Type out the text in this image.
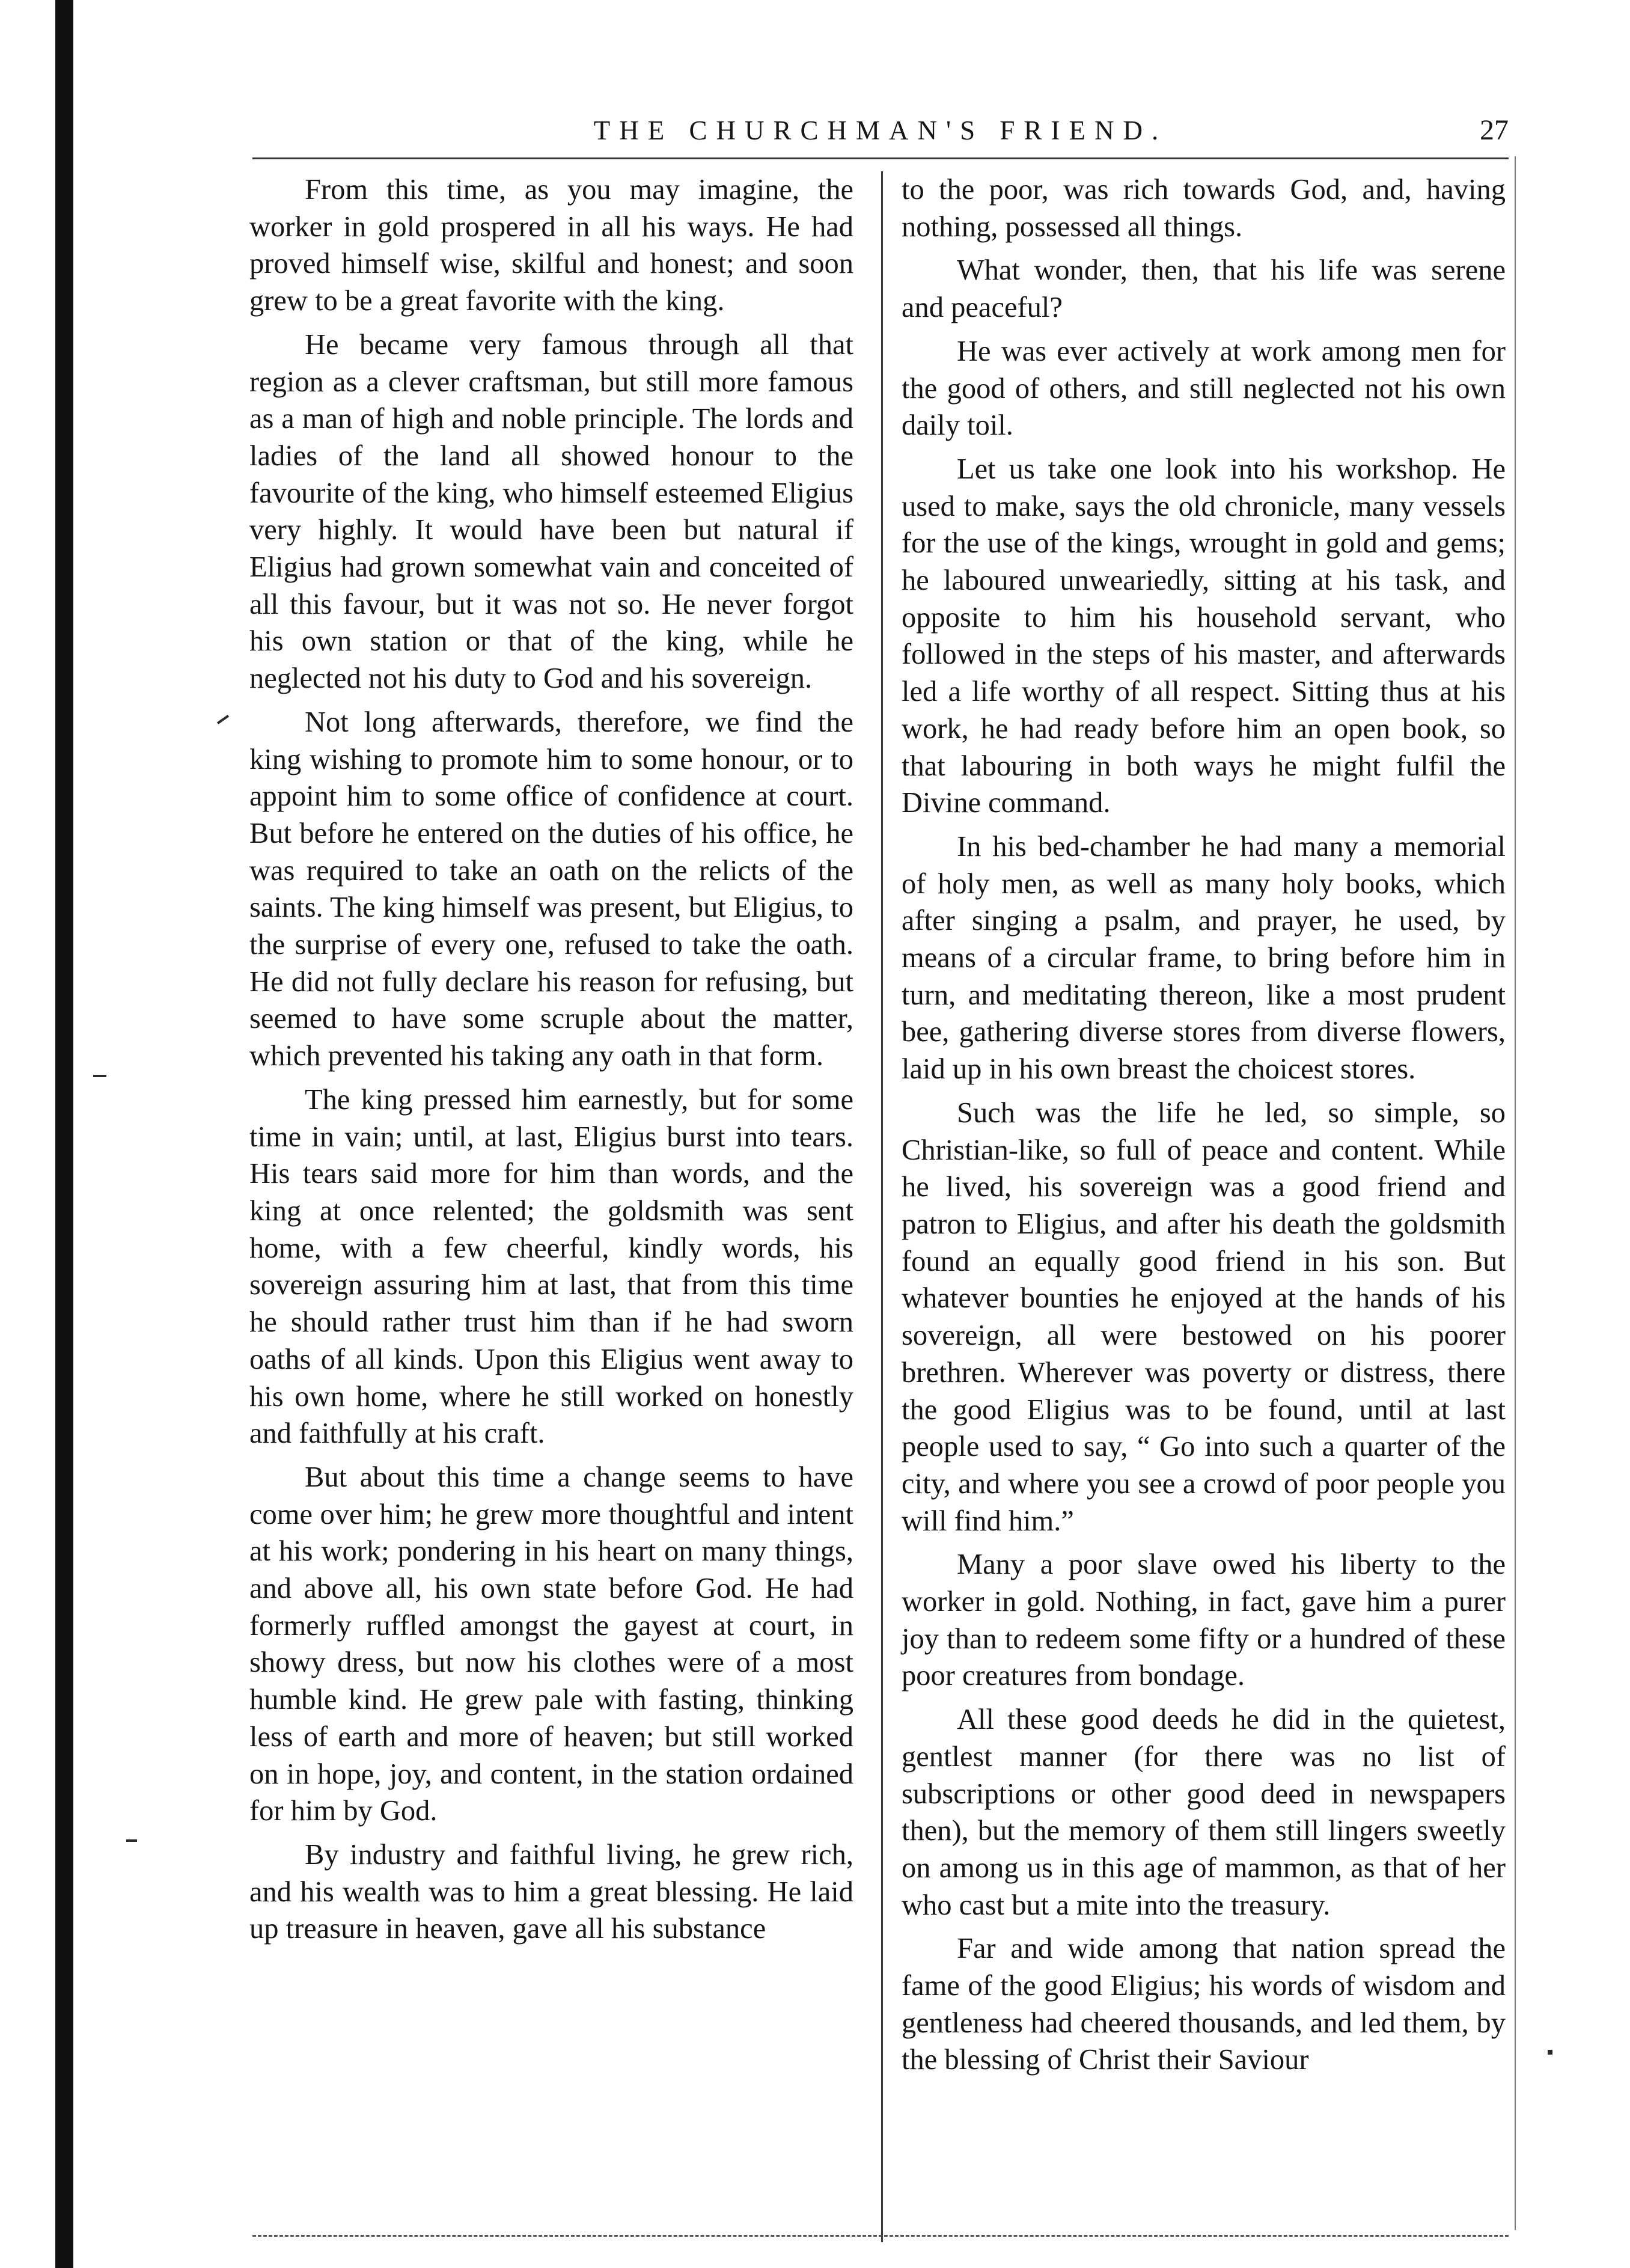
THE CHURCHMAN'S FRIEND.	27

From this time, as you may imagine, the worker in gold prospered in all his ways. He had proved himself wise, skilful and honest; and soon grew to be a great favorite with the king.

He became very famous through all that region as a clever craftsman, but still more famous as a man of high and noble principle. The lords and ladies of the land all showed honour to the favourite of the king, who himself esteemed Eligius very highly. It would have been but natural if Eligius had grown somewhat vain and conceited of all this favour, but it was not so. He never forgot his own station or that of the king, while he neglected not his duty to God and his sovereign.

Not long afterwards, therefore, we find the king wishing to promote him to some honour, or to appoint him to some office of confidence at court. But before he entered on the duties of his office, he was required to take an oath on the relicts of the saints. The king himself was present, but Eligius, to the surprise of every one, refused to take the oath. He did not fully declare his reason for refusing, but seemed to have some scruple about the matter, which prevented his taking any oath in that form.

The king pressed him earnestly, but for some time in vain; until, at last, Eligius burst into tears. His tears said more for him than words, and the king at once relented; the goldsmith was sent home, with a few cheerful, kindly words, his sovereign assuring him at last, that from this time he should rather trust him than if he had sworn oaths of all kinds. Upon this Eligius went away to his own home, where he still worked on honestly and faithfully at his craft.

But about this time a change seems to have come over him; he grew more thoughtful and intent at his work; pondering in his heart on many things, and above all, his own state before God. He had formerly ruffled amongst the gayest at court, in showy dress, but now his clothes were of a most humble kind. He grew pale with fasting, thinking less of earth and more of heaven; but still worked on in hope, joy, and content, in the station ordained for him by God.

By industry and faithful living, he grew rich, and his wealth was to him a great blessing. He laid up treasure in heaven, gave all his substance

to the poor, was rich towards God, and, having nothing, possessed all things.

What wonder, then, that his life was serene and peaceful?

He was ever actively at work among men for the good of others, and still neglected not his own daily toil.

Let us take one look into his workshop. He used to make, says the old chronicle, many vessels for the use of the kings, wrought in gold and gems; he laboured unweariedly, sitting at his task, and opposite to him his household servant, who followed in the steps of his master, and afterwards led a life worthy of all respect. Sitting thus at his work, he had ready before him an open book, so that labouring in both ways he might fulfil the Divine command.

In his bed-chamber he had many a memorial of holy men, as well as many holy books, which after singing a psalm, and prayer, he used, by means of a circular frame, to bring before him in turn, and meditating thereon, like a most prudent bee, gathering diverse stores from diverse flowers, laid up in his own breast the choicest stores.

Such was the life he led, so simple, so Christian-like, so full of peace and content. While he lived, his sovereign was a good friend and patron to Eligius, and after his death the goldsmith found an equally good friend in his son. But whatever bounties he enjoyed at the hands of his sovereign, all were bestowed on his poorer brethren. Wherever was poverty or distress, there the good Eligius was to be found, until at last people used to say, “ Go into such a quarter of the city, and where you see a crowd of poor people you will find him.”

Many a poor slave owed his liberty to the worker in gold. Nothing, in fact, gave him a purer joy than to redeem some fifty or a hundred of these poor creatures from bondage.

All these good deeds he did in the quietest, gentlest manner (for there was no list of subscriptions or other good deed in newspapers then), but the memory of them still lingers sweetly on among us in this age of mammon, as that of her who cast but a mite into the treasury.

Far and wide among that nation spread the fame of the good Eligius; his words of wisdom and gentleness had cheered thousands, and led them, by the blessing of Christ their Saviour
